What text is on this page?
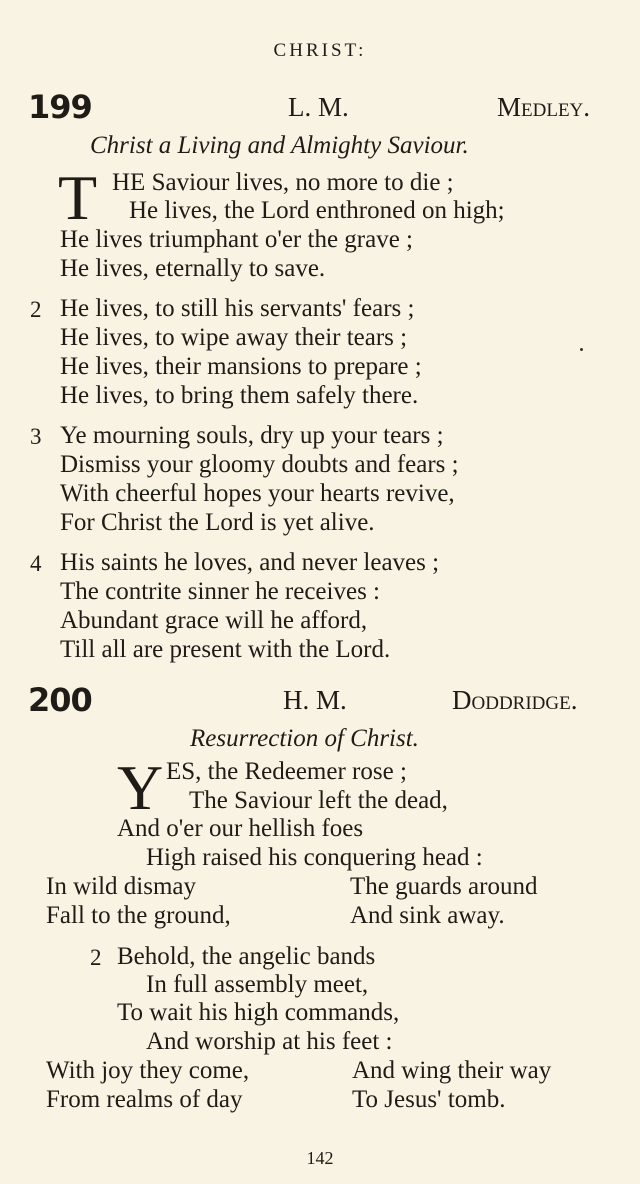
CHRIST:
199	L. M.	Medley.
Christ a Living and Almighty Saviour.
T HE Saviour lives, no more to die ;
He lives, the Lord enthroned on high;
He lives triumphant o'er the grave ;
He lives, eternally to save.
2 He lives, to still his servants' fears ;
He lives, to wipe away their tears ;
He lives, their mansions to prepare ;
He lives, to bring them safely there.
3 Ye mourning souls, dry up your tears ;
Dismiss your gloomy doubts and fears ;
With cheerful hopes your hearts revive,
For Christ the Lord is yet alive.
4 His saints he loves, and never leaves ;
The contrite sinner he receives :
Abundant grace will he afford,
Till all are present with the Lord.
200	H. M.	Doddridge.
Resurrection of Christ.
Y ES, the Redeemer rose ;
The Saviour left the dead,
And o'er our hellish foes
High raised his conquering head :
In wild dismay	The guards around
Fall to the ground,	And sink away.
2 Behold, the angelic bands
In full assembly meet,
To wait his high commands,
And worship at his feet :
With joy they come,	And wing their way
From realms of day	To Jesus' tomb.
142
